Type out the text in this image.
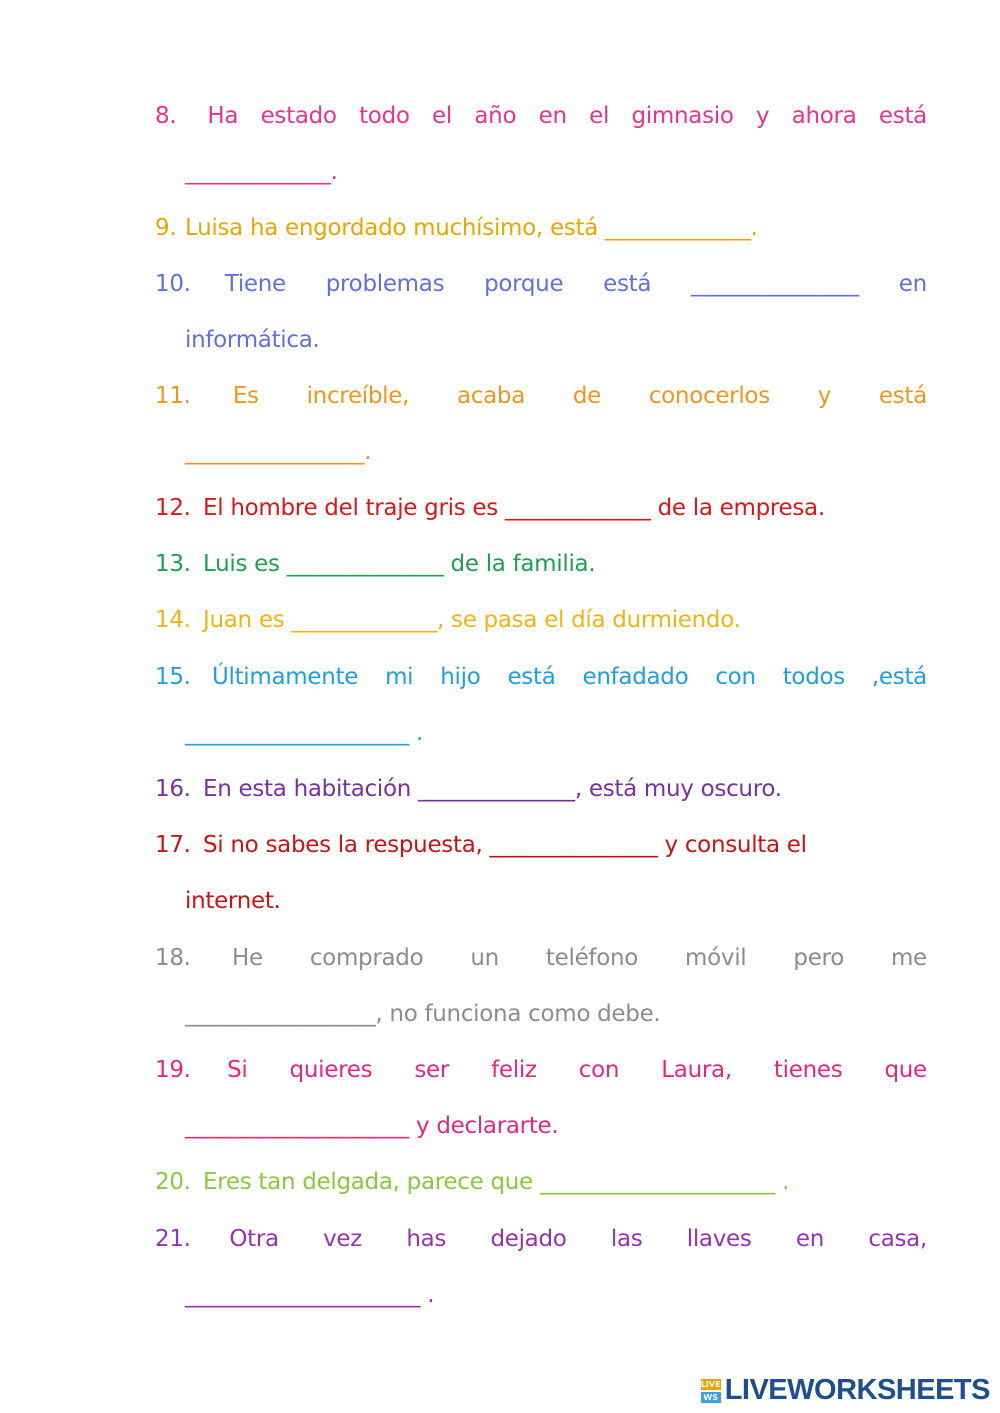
8.	Ha estado todo el año en el gimnasio y ahora está
_____________.
9. Luisa ha engordado muchísimo, está _____________.
10. Tiene problemas porque está _______________ en
informática.
11. Es increíble, acaba de conocerlos y está
________________.
12. El hombre del traje gris es _____________ de la empresa.
13. Luis es ______________ de la familia.
14. Juan es _____________, se pasa el día durmiendo.
15. Últimamente mi hijo está enfadado con todos ,está
____________________ .
16. En esta habitación ______________, está muy oscuro.
17. Si no sabes la respuesta, _______________ y consulta el
internet.
18. He comprado un teléfono móvil pero me
_________________, no funciona como debe.
19. Si quieres ser feliz con Laura, tienes que
____________________ y declararte.
20. Eres tan delgada, parece que _____________________ .
21. Otra vez has dejado las llaves en casa,
_____________________ .
LIVE
WS LIVEWORKSHEETS
